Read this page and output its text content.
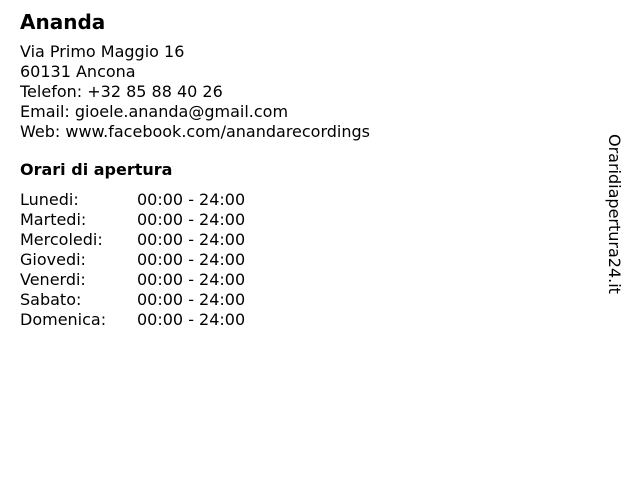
Ananda
Via Primo Maggio 16
60131 Ancona
Telefon: +32 85 88 40 26
Email: gioele.ananda@gmail.com
Web: www.facebook.com/anandarecordings
Orari di apertura
Lunedi:	00:00 - 24:00
Martedi:	00:00 - 24:00
Mercoledi:	00:00 - 24:00
Giovedi:	00:00 - 24:00
Venerdi:	00:00 - 24:00
Sabato:	00:00 - 24:00
Domenica:	00:00 - 24:00
Oraridiapertura24.it
